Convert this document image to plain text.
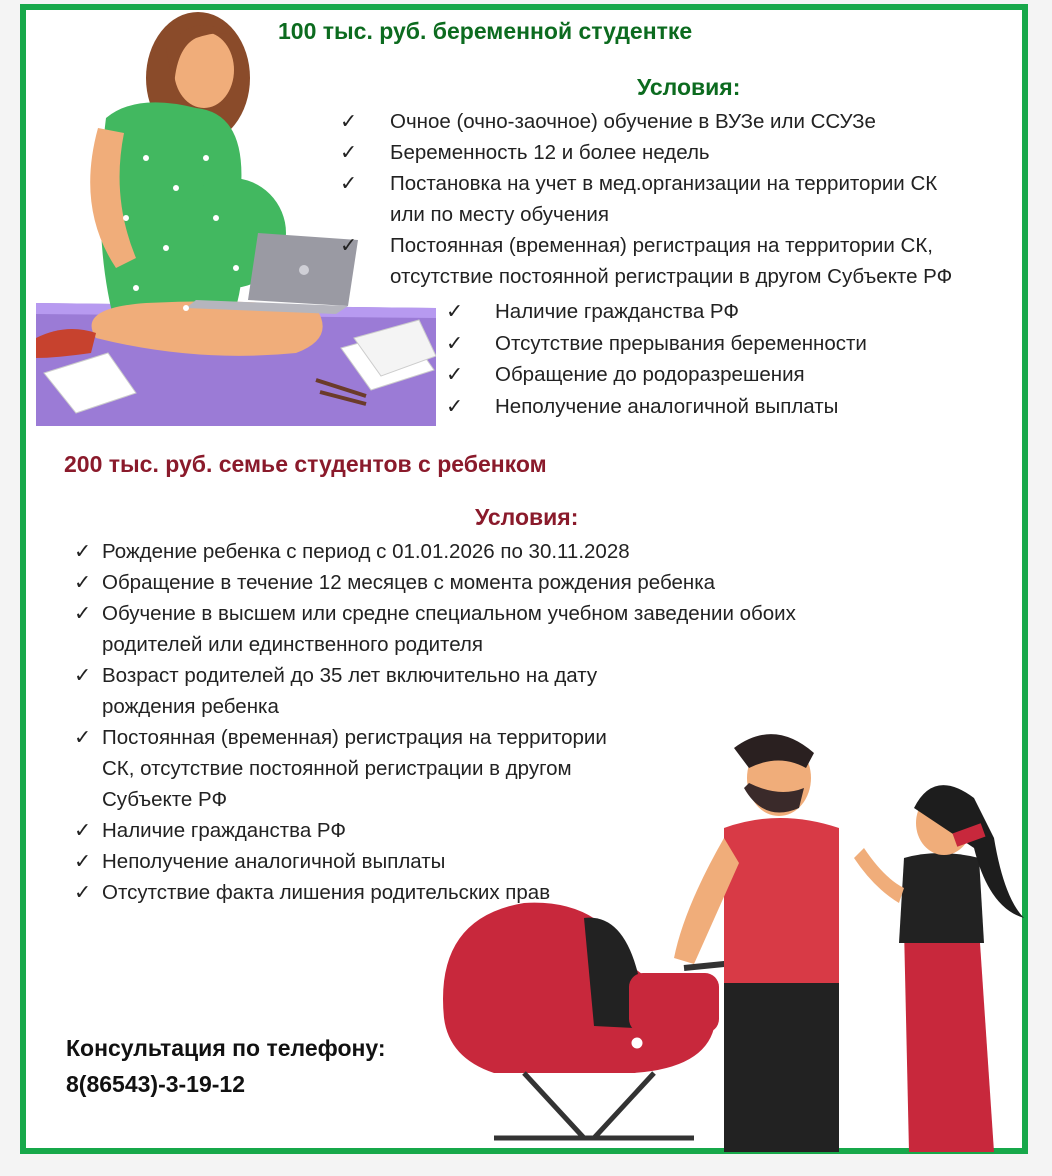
100 тыс. руб. беременной студентке
Условия:
✓ Очное (очно-заочное) обучение в ВУЗе или ССУЗе
✓ Беременность 12 и более недель
✓ Постановка на учет в мед.организации на территории СК
или по месту обучения
✓ Постоянная (временная) регистрация на территории СК,
отсутствие постоянной регистрации в другом Субъекте РФ
✓ Наличие гражданства РФ
✓ Отсутствие прерывания беременности
✓ Обращение до родоразрешения
✓ Неполучение аналогичной выплаты
200 тыс. руб. семье студентов с ребенком
Условия:
✓ Рождение ребенка с период с 01.01.2026 по 30.11.2028
✓ Обращение в течение 12 месяцев с момента рождения ребенка
✓ Обучение в высшем или средне специальном учебном заведении обоих
родителей или единственного родителя
✓ Возраст родителей до 35 лет включительно на дату
рождения ребенка
✓ Постоянная (временная) регистрация на территории
СК, отсутствие постоянной регистрации в другом
Субъекте РФ
✓ Наличие гражданства РФ
✓ Неполучение аналогичной выплаты
✓ Отсутствие факта лишения родительских прав
Консультация по телефону:
8(86543)-3-19-12
